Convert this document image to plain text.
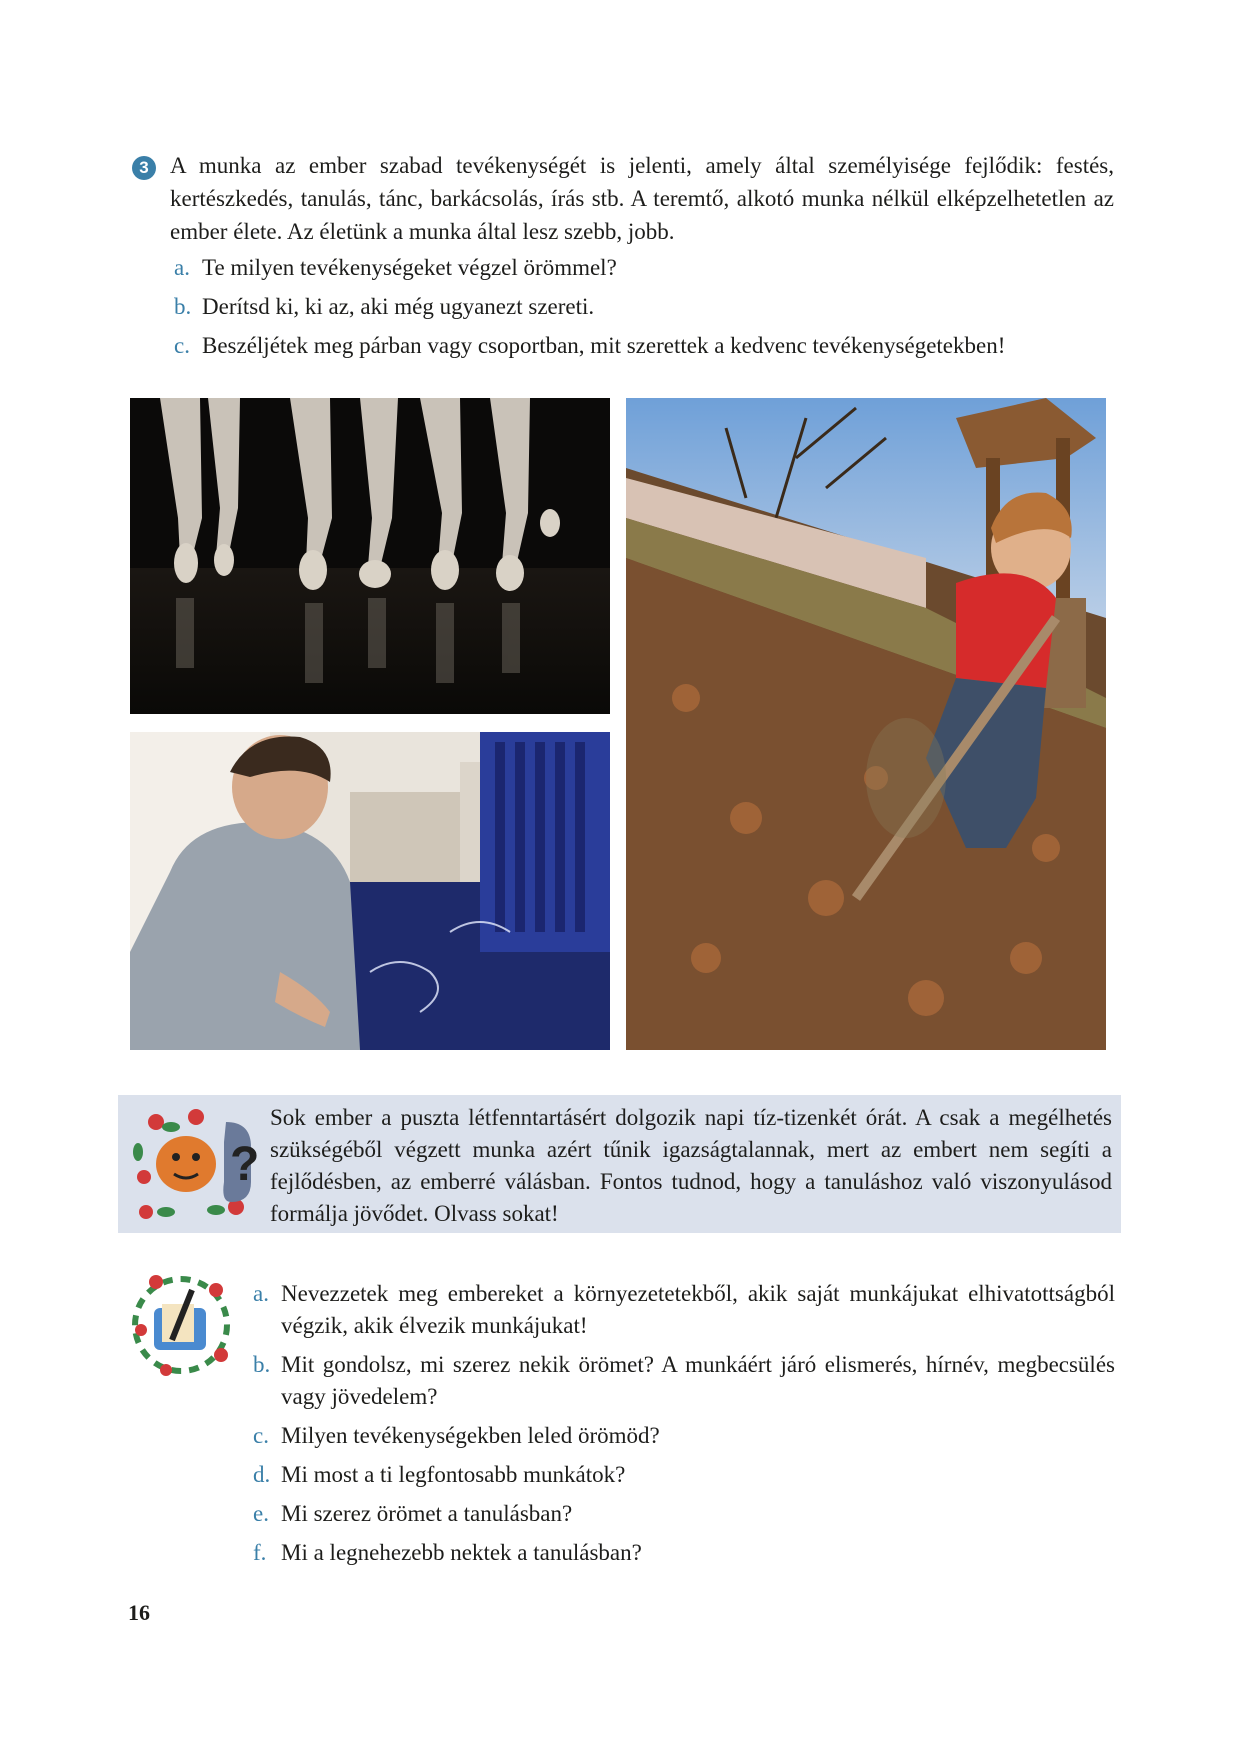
3 A munka az ember szabad tevékenységét is jelenti, amely által személyisége fejlődik: festés, kertészkedés, tanulás, tánc, barkácsolás, írás stb. A teremtő, alkotó munka nélkül elképzelhetetlen az ember élete. Az életünk a munka által lesz szebb, jobb.
a. Te milyen tevékenységeket végzel örömmel?
b. Derítsd ki, ki az, aki még ugyanezt szereti.
c. Beszéljétek meg párban vagy csoportban, mit szerettek a kedvenc tevékenységetekben!
?
Sok ember a puszta létfenntartásért dolgozik napi tíz-tizenkét órát. A csak a megélhetés szükségéből végzett munka azért tűnik igazságtalannak, mert az embert nem segíti a fejlődésben, az emberré válásban. Fontos tudnod, hogy a tanuláshoz való viszonyulásod formálja jövődet. Olvass sokat!
a. Nevezzetek meg embereket a környezetetekből, akik saját munkájukat elhivatottságból végzik, akik élvezik munkájukat!
b. Mit gondolsz, mi szerez nekik örömet? A munkáért járó elismerés, hírnév, megbecsülés vagy jövedelem?
c. Milyen tevékenységekben leled örömöd?
d. Mi most a ti legfontosabb munkátok?
e. Mi szerez örömet a tanulásban?
f. Mi a legnehezebb nektek a tanulásban?
16
